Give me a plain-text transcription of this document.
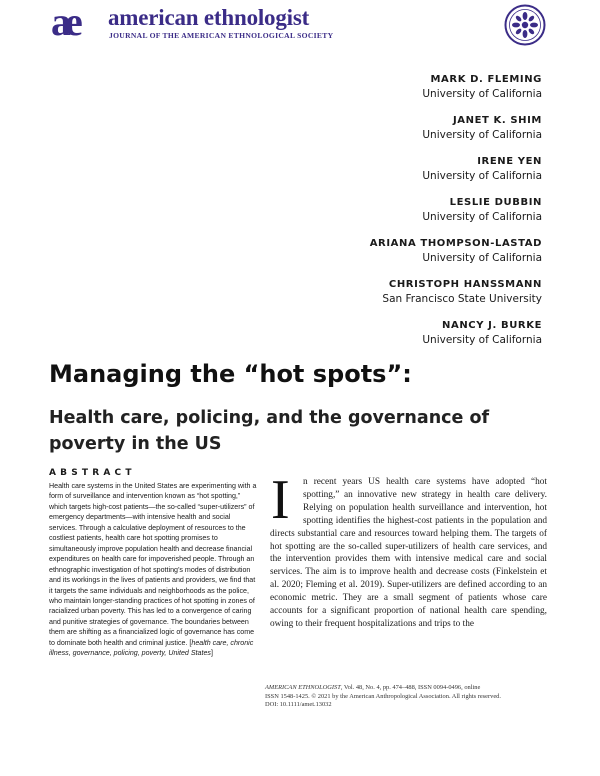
ae american ethnologist
JOURNAL OF THE AMERICAN ETHNOLOGICAL SOCIETY
MARK D. FLEMING
University of California
JANET K. SHIM
University of California
IRENE YEN
University of California
LESLIE DUBBIN
University of California
ARIANA THOMPSON-LASTAD
University of California
CHRISTOPH HANSSMANN
San Francisco State University
NANCY J. BURKE
University of California
Managing the “hot spots”:
Health care, policing, and the governance of poverty in the US
ABSTRACT
Health care systems in the United States are experimenting with a form of surveillance and intervention known as “hot spotting,” which targets high-cost patients—the so-called “super-utilizers” of emergency departments—with intensive health and social services. Through a calculative deployment of resources to the costliest patients, health care hot spotting promises to simultaneously improve population health and decrease financial expenditures on health care for impoverished people. Through an ethnographic investigation of hot spotting’s modes of distribution and its workings in the lives of patients and providers, we find that it targets the same individuals and neighborhoods as the police, who maintain longer-standing practices of hot spotting in zones of racialized urban poverty. This has led to a convergence of caring and punitive strategies of governance. The boundaries between them are shifting as a financialized logic of governance has come to dominate both health and criminal justice. [health care, chronic illness, governance, policing, poverty, United States]
I	n recent years US health care systems have adopted “hot spotting,” an innovative new strategy in health care delivery. Relying on population health surveillance and intervention, hot spotting identifies the highest-cost patients in the population and directs substantial care and resources toward helping them. The targets of hot spotting are the so-called super-utilizers of health care services, and the intervention provides them with intensive medical care and social services. The aim is to improve health and decrease costs (Finkelstein et al. 2020; Fleming et al. 2019). Super-utilizers are defined according to an economic metric. They are a small segment of patients whose care accounts for a significant proportion of national health care spending, owing to their frequent hospitalizations and trips to the

AMERICAN ETHNOLOGIST, Vol. 48, No. 4, pp. 474–488, ISSN 0094-0496, online
ISSN 1548-1425. © 2021 by the American Anthropological Association. All rights reserved.
DOI: 10.1111/amet.13032
